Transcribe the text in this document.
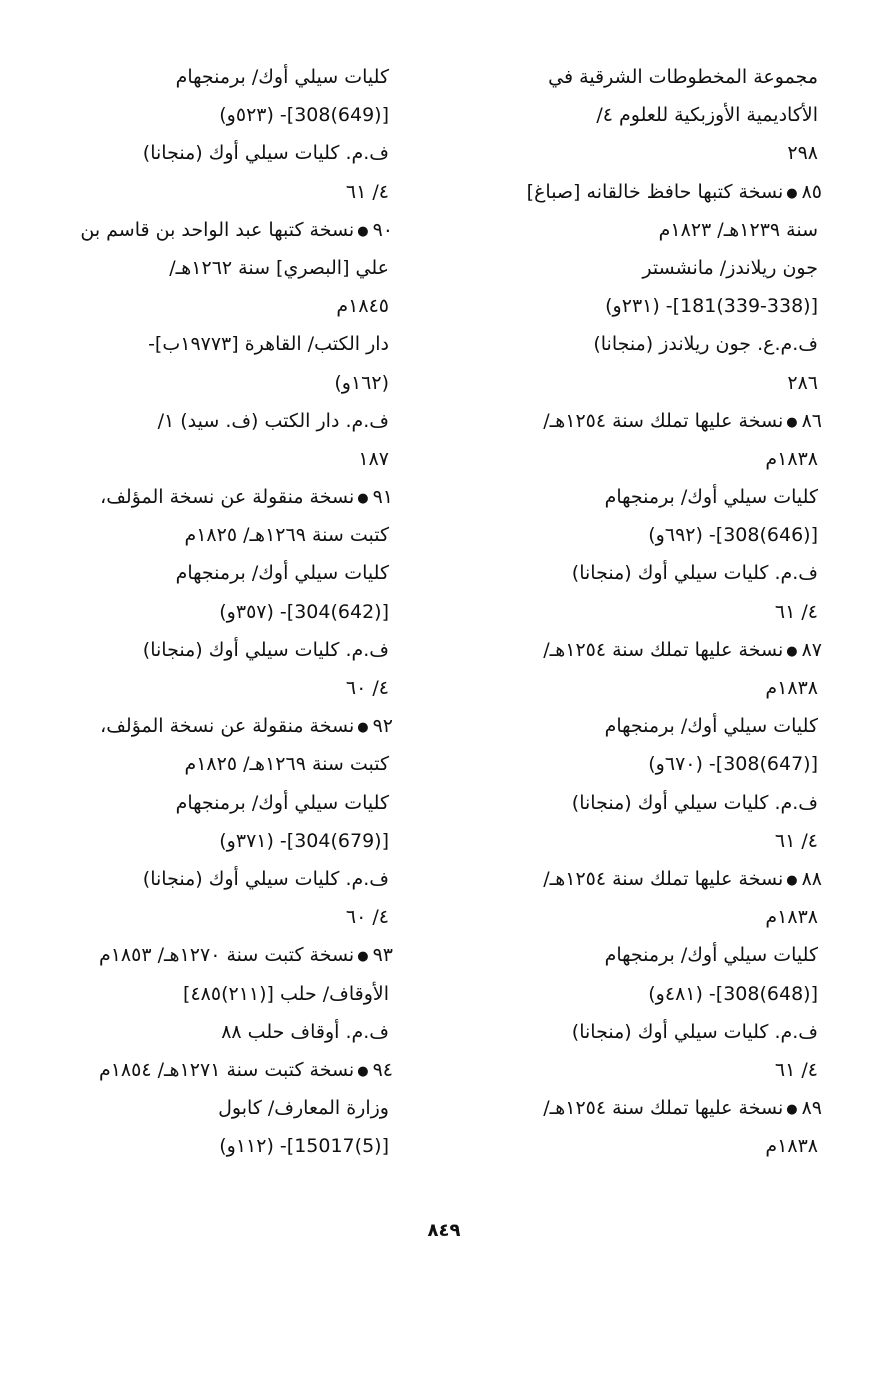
مجموعة المخطوطات الشرقية في
الأكاديمية الأوزبكية للعلوم ٤/
٢٩٨
٨٥●نسخة كتبها حافظ خالقانه [صباغ]
سنة ١٢٣٩هـ/ ١٨٢٣م
جون ريلاندز/ مانشستر
[(339-338)181]- (٢٣١و)
ف.م.ع. جون ريلاندز (منجانا)
٢٨٦
٨٦●نسخة عليها تملك سنة ١٢٥٤هـ/
١٨٣٨م
كليات سيلي أوك/ برمنجهام
[(646)308]- (٦٩٢و)
ف.م. كليات سيلي أوك (منجانا)
٤/ ٦١
٨٧●نسخة عليها تملك سنة ١٢٥٤هـ/
١٨٣٨م
كليات سيلي أوك/ برمنجهام
[(647)308]- (٦٧٠و)
ف.م. كليات سيلي أوك (منجانا)
٤/ ٦١
٨٨●نسخة عليها تملك سنة ١٢٥٤هـ/
١٨٣٨م
كليات سيلي أوك/ برمنجهام
[(648)308]- (٤٨١و)
ف.م. كليات سيلي أوك (منجانا)
٤/ ٦١
٨٩●نسخة عليها تملك سنة ١٢٥٤هـ/
١٨٣٨م
كليات سيلي أوك/ برمنجهام
[(649)308]- (٥٢٣و)
ف.م. كليات سيلي أوك (منجانا)
٤/ ٦١
٩٠●نسخة كتبها عبد الواحد بن قاسم بن
علي [البصري] سنة ١٢٦٢هـ/
١٨٤٥م
دار الكتب/ القاهرة [١٩٧٧٣ب]-
(١٦٢و)
ف.م. دار الكتب (ف. سيد) ١/
١٨٧
٩١●نسخة منقولة عن نسخة المؤلف،
كتبت سنة ١٢٦٩هـ/ ١٨٢٥م
كليات سيلي أوك/ برمنجهام
[(642)304]- (٣٥٧و)
ف.م. كليات سيلي أوك (منجانا)
٤/ ٦٠
٩٢●نسخة منقولة عن نسخة المؤلف،
كتبت سنة ١٢٦٩هـ/ ١٨٢٥م
كليات سيلي أوك/ برمنجهام
[(679)304]- (٣٧١و)
ف.م. كليات سيلي أوك (منجانا)
٤/ ٦٠
٩٣●نسخة كتبت سنة ١٢٧٠هـ/ ١٨٥٣م
الأوقاف/ حلب [(٢١١)٤٨٥]
ف.م. أوقاف حلب ٨٨
٩٤●نسخة كتبت سنة ١٢٧١هـ/ ١٨٥٤م
وزارة المعارف/ كابول
[(5)15017]- (١١٢و)
٨٤٩
